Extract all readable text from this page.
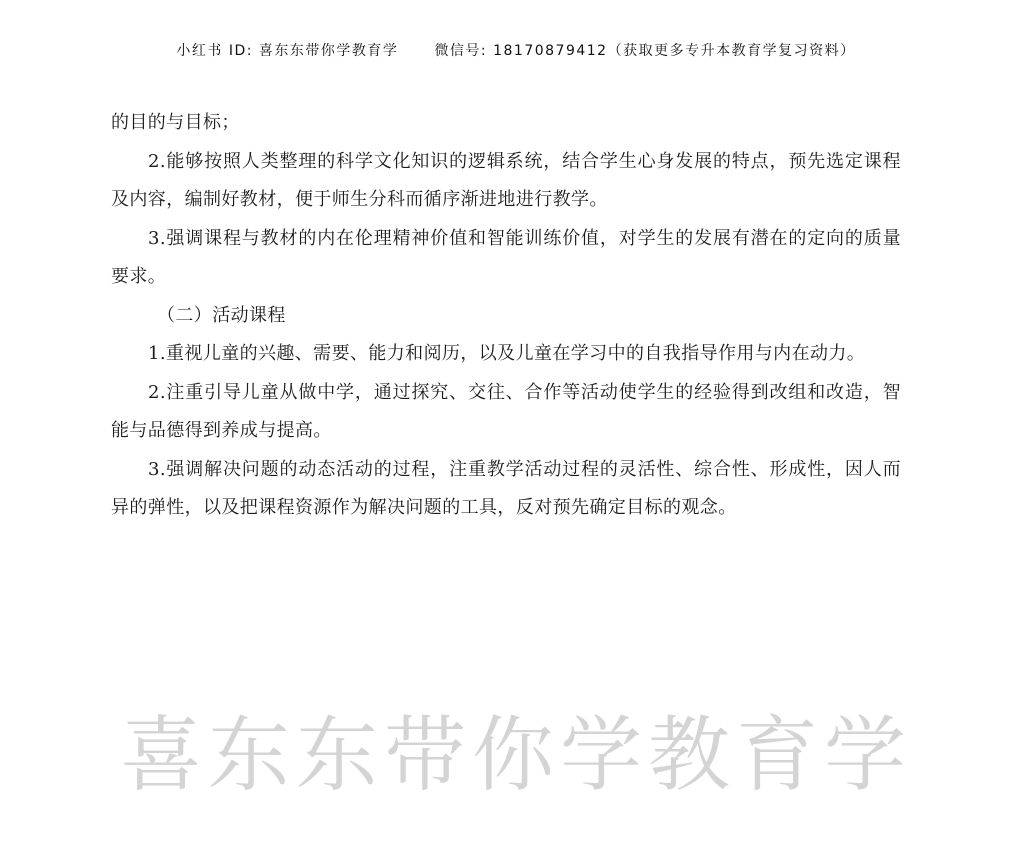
小红书 ID: 喜东东带你学教育学	微信号: 18170879412（获取更多专升本教育学复习资料）

的目的与目标；

2.能够按照人类整理的科学文化知识的逻辑系统，结合学生心身发展的特点，预先选定课程及内容，编制好教材，便于师生分科而循序渐进地进行教学。

3.强调课程与教材的内在伦理精神价值和智能训练价值，对学生的发展有潜在的定向的质量要求。

（二）活动课程

1.重视儿童的兴趣、需要、能力和阅历，以及儿童在学习中的自我指导作用与内在动力。

2.注重引导儿童从做中学，通过探究、交往、合作等活动使学生的经验得到改组和改造，智能与品德得到养成与提高。

3.强调解决问题的动态活动的过程，注重教学活动过程的灵活性、综合性、形成性，因人而异的弹性，以及把课程资源作为解决问题的工具，反对预先确定目标的观念。

喜东东带你学教育学
